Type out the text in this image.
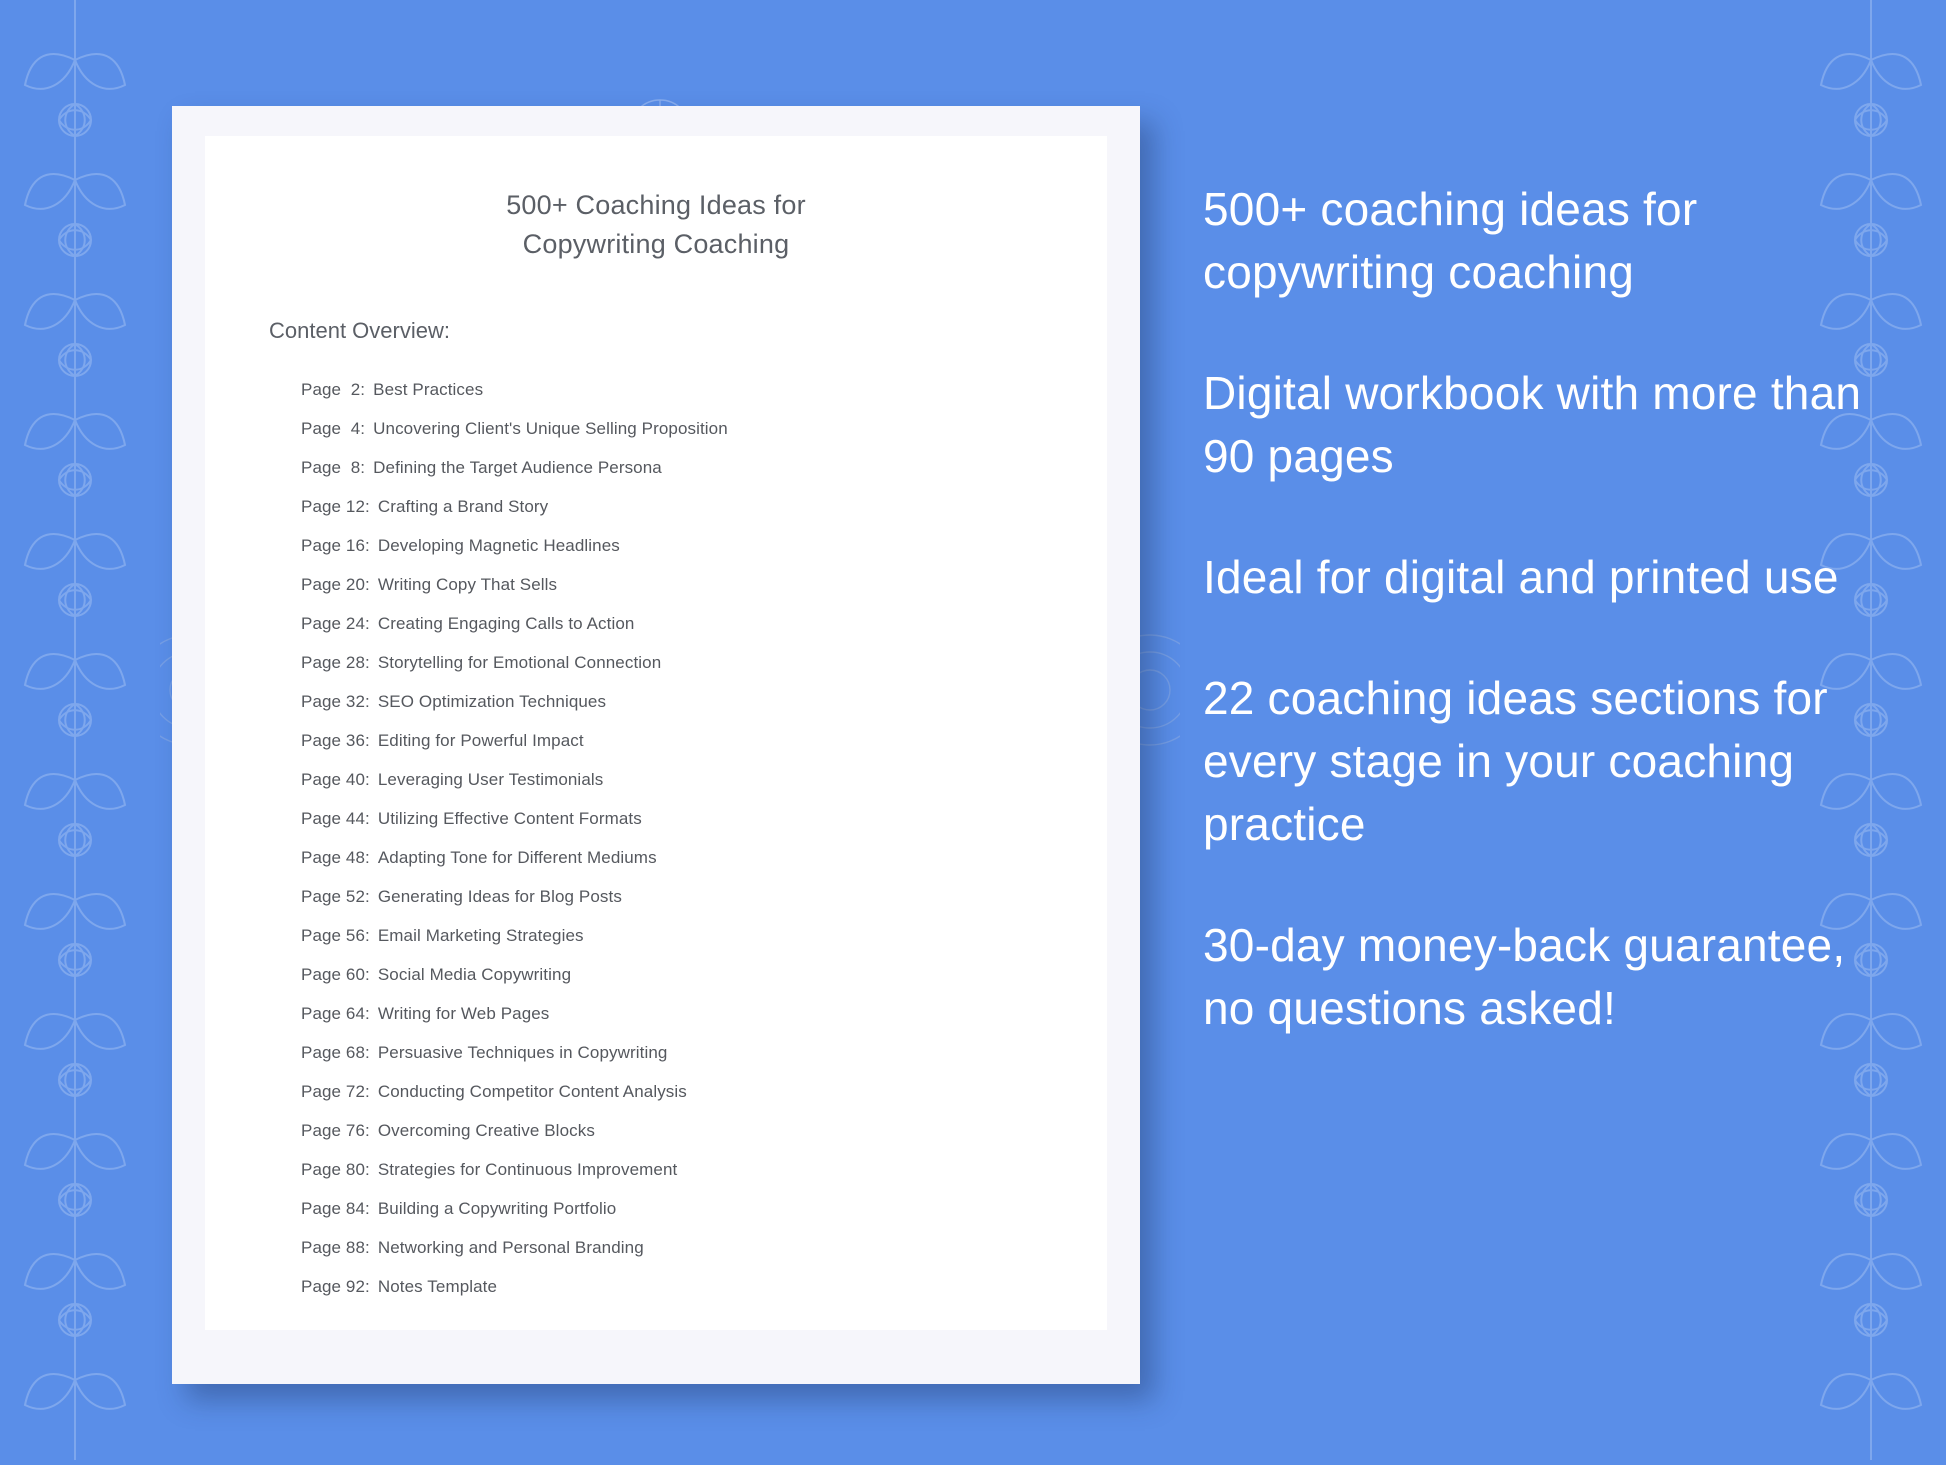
500+ Coaching Ideas for
Copywriting Coaching
Content Overview:
Page  2: Best Practices
Page  4: Uncovering Client's Unique Selling Proposition
Page  8: Defining the Target Audience Persona
Page 12: Crafting a Brand Story
Page 16: Developing Magnetic Headlines
Page 20: Writing Copy That Sells
Page 24: Creating Engaging Calls to Action
Page 28: Storytelling for Emotional Connection
Page 32: SEO Optimization Techniques
Page 36: Editing for Powerful Impact
Page 40: Leveraging User Testimonials
Page 44: Utilizing Effective Content Formats
Page 48: Adapting Tone for Different Mediums
Page 52: Generating Ideas for Blog Posts
Page 56: Email Marketing Strategies
Page 60: Social Media Copywriting
Page 64: Writing for Web Pages
Page 68: Persuasive Techniques in Copywriting
Page 72: Conducting Competitor Content Analysis
Page 76: Overcoming Creative Blocks
Page 80: Strategies for Continuous Improvement
Page 84: Building a Copywriting Portfolio
Page 88: Networking and Personal Branding
Page 92: Notes Template

500+ coaching ideas for copywriting coaching

Digital workbook with more than 90 pages

Ideal for digital and printed use

22 coaching ideas sections for every stage in your coaching practice

30-day money-back guarantee, no questions asked!
